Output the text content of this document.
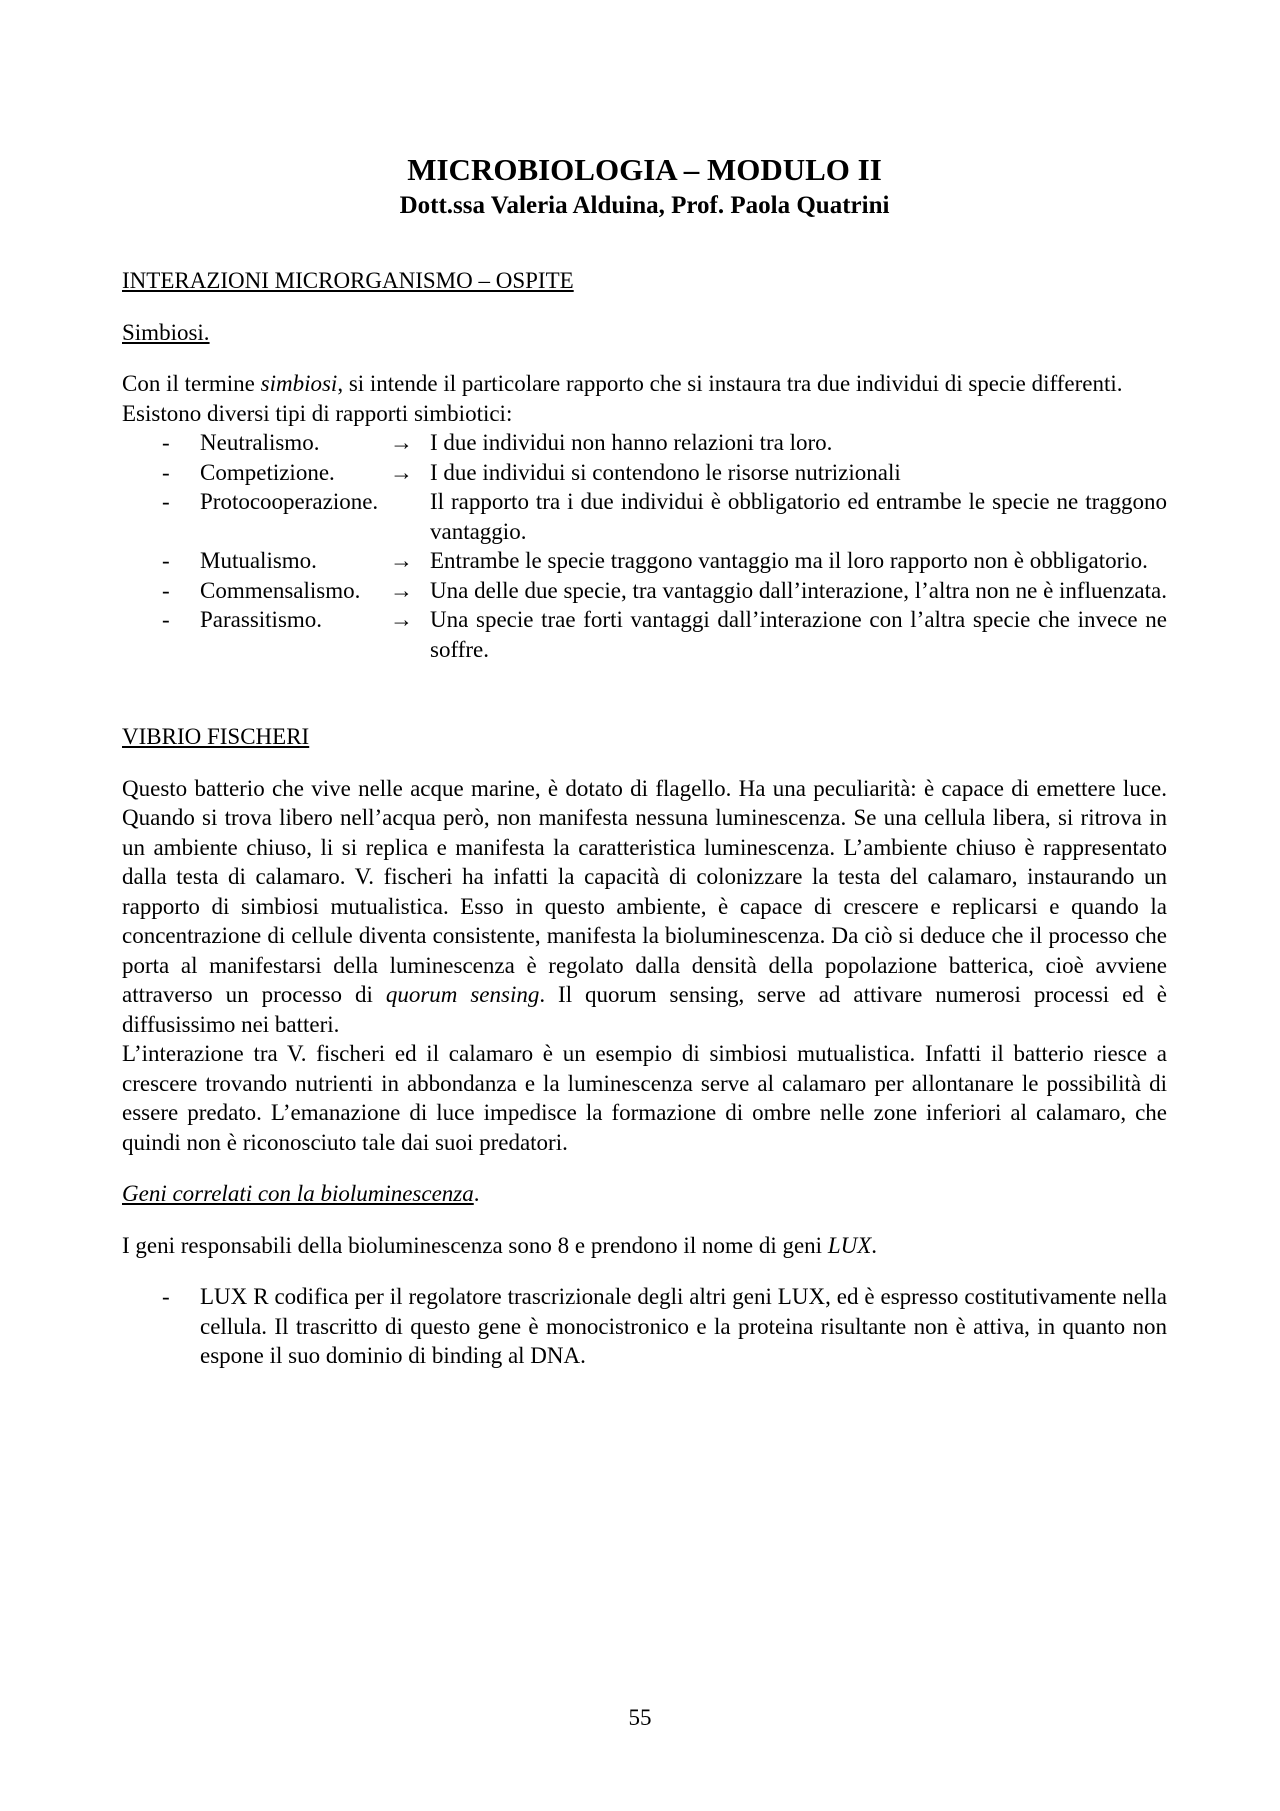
MICROBIOLOGIA – MODULO II
Dott.ssa Valeria Alduina, Prof. Paola Quatrini
INTERAZIONI MICRORGANISMO – OSPITE
Simbiosi.

Con il termine simbiosi, si intende il particolare rapporto che si instaura tra due individui di specie differenti.

Esistono diversi tipi di rapporti simbiotici:

-	Neutralismo.	→ I due individui non hanno relazioni tra loro.
-	Competizione.	→ I due individui si contendono le risorse nutrizionali
-	Protocooperazione.	Il rapporto tra i due individui è obbligatorio ed entrambe le specie ne traggono vantaggio.
-	Mutualismo.	→ Entrambe le specie traggono vantaggio ma il loro rapporto non è obbligatorio.
-	Commensalismo.	→ Una delle due specie, tra vantaggio dall’interazione, l’altra non ne è influenzata.
-	Parassitismo.	→ Una specie trae forti vantaggi dall’interazione con l’altra specie che invece ne soffre.
VIBRIO FISCHERI

Questo batterio che vive nelle acque marine, è dotato di flagello. Ha una peculiarità: è capace di emettere luce. Quando si trova libero nell’acqua però, non manifesta nessuna luminescenza. Se una cellula libera, si ritrova in un ambiente chiuso, li si replica e manifesta la caratteristica luminescenza. L’ambiente chiuso è rappresentato dalla testa di calamaro. V. fischeri ha infatti la capacità di colonizzare la testa del calamaro, instaurando un rapporto di simbiosi mutualistica. Esso in questo ambiente, è capace di crescere e replicarsi e quando la concentrazione di cellule diventa consistente, manifesta la bioluminescenza. Da ciò si deduce che il processo che porta al manifestarsi della luminescenza è regolato dalla densità della popolazione batterica, cioè avviene attraverso un processo di quorum sensing. Il quorum sensing, serve ad attivare numerosi processi ed è diffusissimo nei batteri.

L’interazione tra V. fischeri ed il calamaro è un esempio di simbiosi mutualistica. Infatti il batterio riesce a crescere trovando nutrienti in abbondanza e la luminescenza serve al calamaro per allontanare le possibilità di essere predato. L’emanazione di luce impedisce la formazione di ombre nelle zone inferiori al calamaro, che quindi non è riconosciuto tale dai suoi predatori.

Geni correlati con la bioluminescenza.

I geni responsabili della bioluminescenza sono 8 e prendono il nome di geni LUX.

-	LUX R codifica per il regolatore trascrizionale degli altri geni LUX, ed è espresso costitutivamente nella cellula. Il trascritto di questo gene è monocistronico e la proteina risultante non è attiva, in quanto non espone il suo dominio di binding al DNA.
55
